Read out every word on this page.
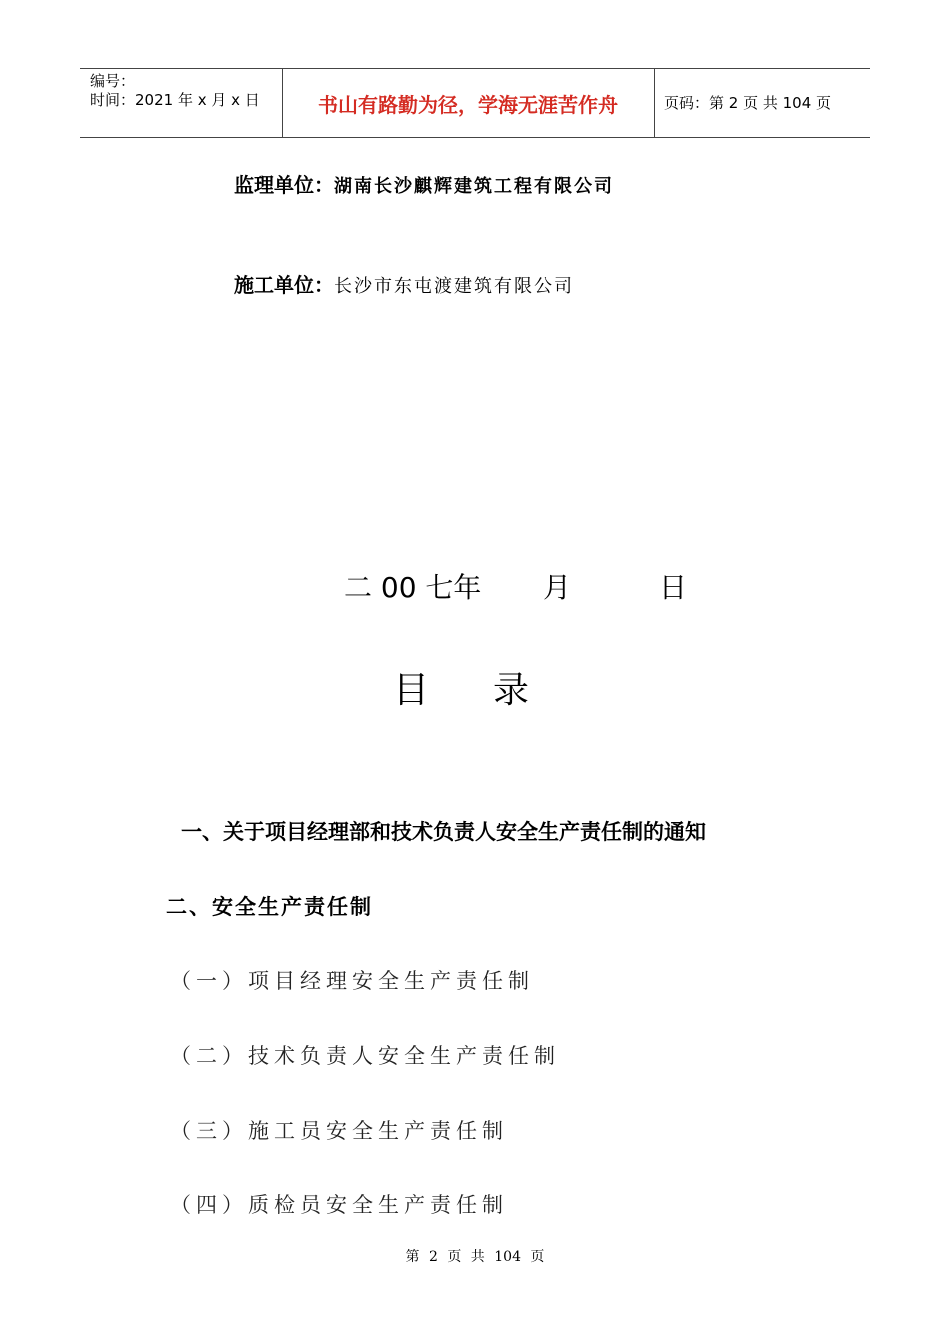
编号：
时间：2021 年 x 月 x 日	书山有路勤为径，学海无涯苦作舟	页码：第 2 页 共 104 页
监理单位：湖南长沙麒辉建筑工程有限公司
施工单位：长沙市东屯渡建筑有限公司
二 00 七年 月	日
目 录
一、关于项目经理部和技术负责人安全生产责任制的通知
二、安全生产责任制
（一）项目经理安全生产责任制
（二）技术负责人安全生产责任制
（三）施工员安全生产责任制
（四）质检员安全生产责任制
第 2 页 共 104 页
